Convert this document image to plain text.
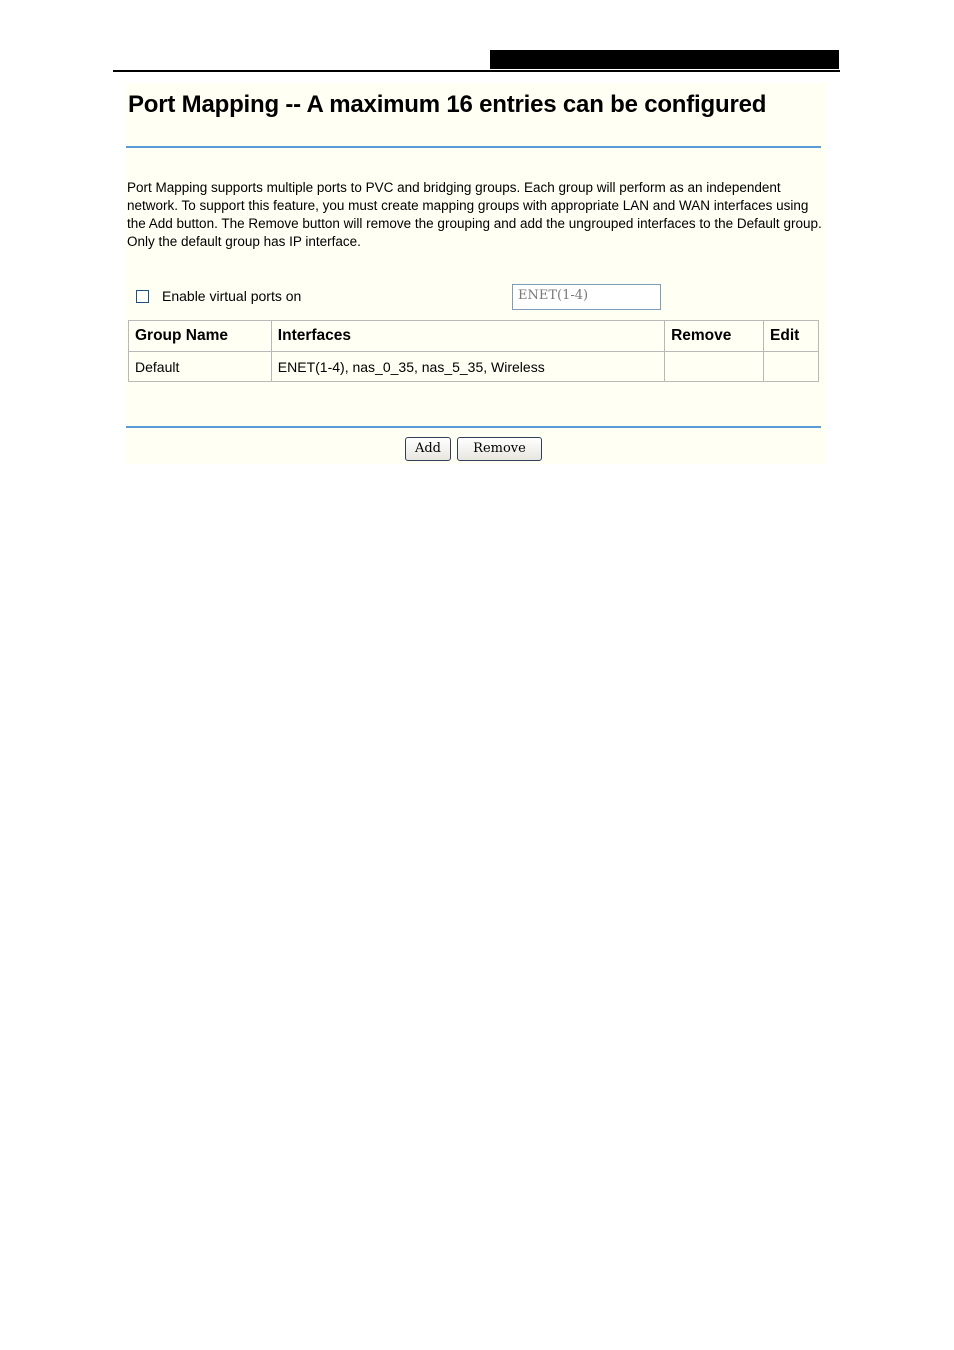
Port Mapping -- A maximum 16 entries can be configured
Port Mapping supports multiple ports to PVC and bridging groups. Each group will perform as an independent network. To support this feature, you must create mapping groups with appropriate LAN and WAN interfaces using the Add button. The Remove button will remove the grouping and add the ungrouped interfaces to the Default group. Only the default group has IP interface.
Enable virtual ports on	ENET(1-4)
Group Name	Interfaces	Remove	Edit
Default	ENET(1-4), nas_0_35, nas_5_35, Wireless		
Add	Remove
